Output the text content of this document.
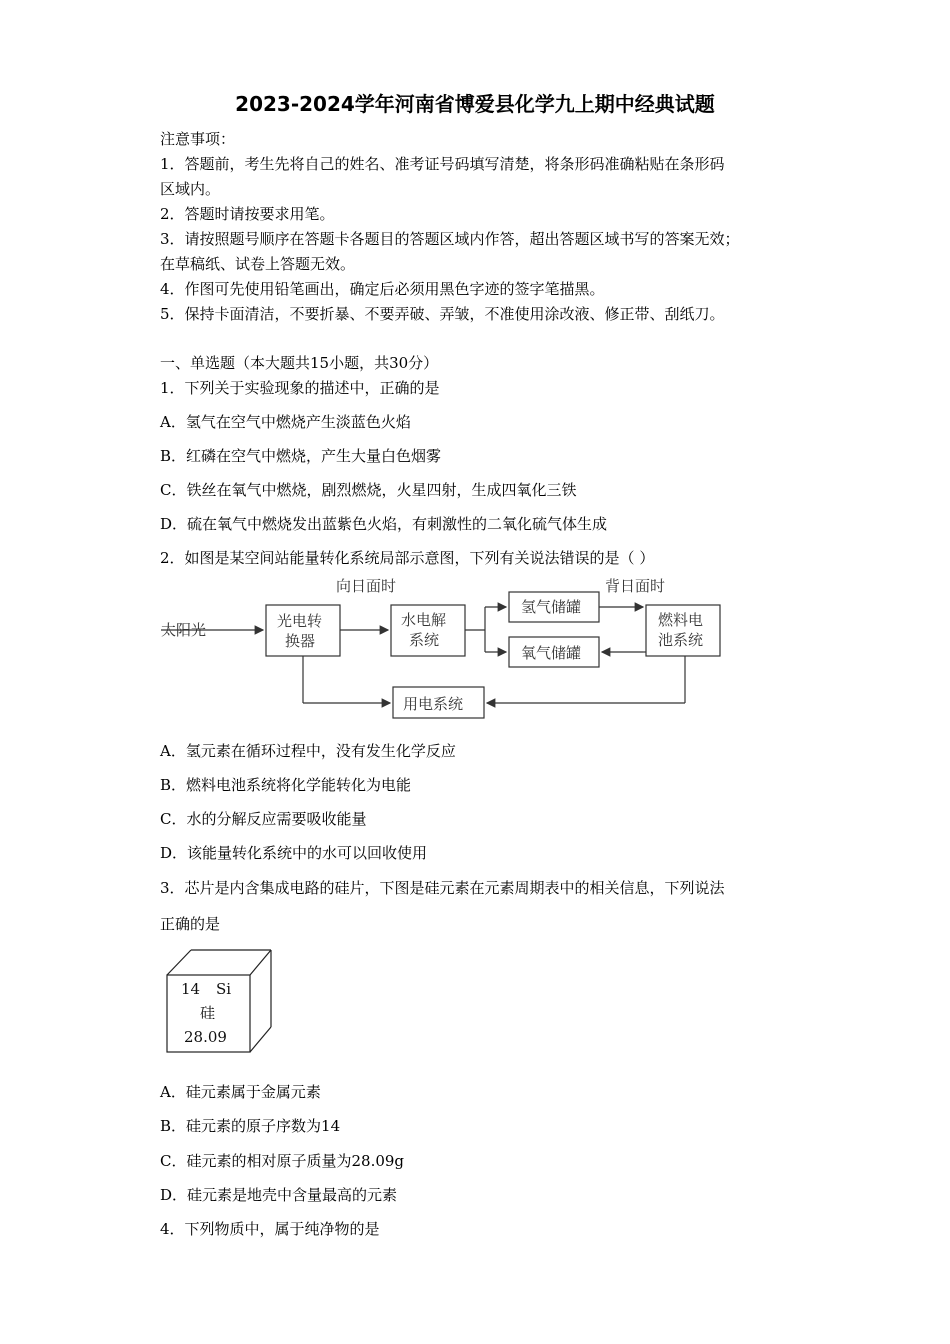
2023-2024学年河南省博爱县化学九上期中经典试题
注意事项：
1．答题前，考生先将自己的姓名、准考证号码填写清楚，将条形码准确粘贴在条形码
区域内。
2．答题时请按要求用笔。
3．请按照题号顺序在答题卡各题目的答题区域内作答，超出答题区域书写的答案无效；
在草稿纸、试卷上答题无效。
4．作图可先使用铅笔画出，确定后必须用黑色字迹的签字笔描黑。
5．保持卡面清洁，不要折暴、不要弄破、弄皱，不准使用涂改液、修正带、刮纸刀。
一、单选题（本大题共15小题，共30分）
1．下列关于实验现象的描述中，正确的是
A．氢气在空气中燃烧产生淡蓝色火焰
B．红磷在空气中燃烧，产生大量白色烟雾
C．铁丝在氧气中燃烧，剧烈燃烧，火星四射，生成四氧化三铁
D．硫在氧气中燃烧发出蓝紫色火焰，有刺激性的二氧化硫气体生成
2．如图是某空间站能量转化系统局部示意图，下列有关说法错误的是（ ）
向日面时	背日面时
太阳光	光电转
换器
水电解
系统
氢气储罐
氧气储罐
燃料电
池系统
用电系统
A．氢元素在循环过程中，没有发生化学反应
B．燃料电池系统将化学能转化为电能
C．水的分解反应需要吸收能量
D．该能量转化系统中的水可以回收使用
3．芯片是内含集成电路的硅片，下图是硅元素在元素周期表中的相关信息，下列说法
正确的是
14 Si
硅
28.09
A．硅元素属于金属元素
B．硅元素的原子序数为14
C．硅元素的相对原子质量为28.09g
D．硅元素是地壳中含量最高的元素
4．下列物质中，属于纯净物的是
